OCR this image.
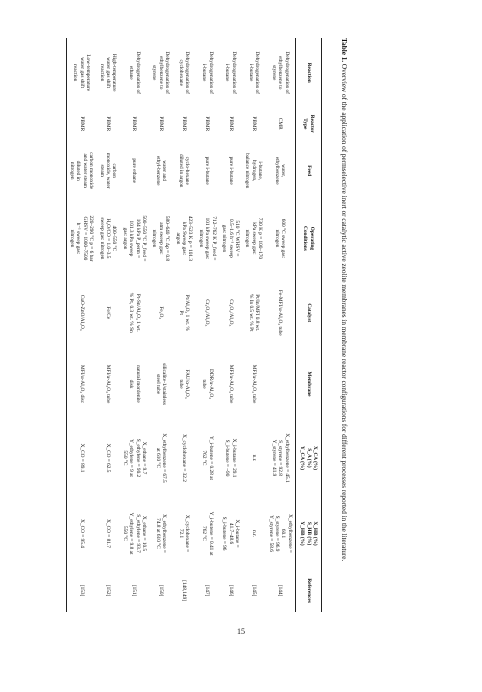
Table 1. Overview of the application of permselective inert or catalytic active zeolite membranes in membrane reactor configurations for different processes reported in the literature.
Reaction	Reactor
Type	Feed	Operating
Conditions	Catalyst	Membrane	X_CA (%)
S_A (%)
Y_CA (%)	X_HB (%)
S_HB (%)
Y_HB (%)	References
Dehydrogenation of
ethylbenzene to
styrene	CMR	water,
ethylbenzene	600 °C sweep gas:
nitrogen	Fe-MFI/α-Al₂O₃ tube		X_ethylbenzene = 45.1
S_styrene = 92.8
Y_styrene = 41.9	X_ethylbenzene =
60.1
S_styrene = 96.9
Y_styrene = 58.6	[144]
Dehydrogenation of
i-butane	PBMR	i-butane,
hydrogen,
balance nitrogen	730 K p = 100–170
kPa sweep gas:
nitrogen	Pt/In/MFI 0.8 wt.
% In 0.5 wt. % Pt	MFI/α-Al₂O₃ tube	n.r.	n.r.	[145]
Dehydrogenation of
i-butane	PBMR	pure i-butane	510 °C WHSV =
0.5–1.6 h⁻¹ sweep
gas: nitrogen	Cr₂O₃/Al₂O₃	MFI/α-Al₂O₃ tube	X_i-butane = 29.1
S_i-butene = ~90	X_i-butane =
41.7–48.6
S_i-butene = 96	[146]
Dehydrogenation of
i-butane	PBMR	pure i-butane	712–762 K P_feed =
101 kPa sweep gas:
nitrogen	Cr₂O₃/Al₂O₃	DDR/α-Al₂O₃
tube	Y_i-butene = 0.28 at
762 °C	Y_i-butene = 0.41 at
762 °C	[147]
Dehydrogenation of
cyclohexane	PBMR	cyclo-hexane
diluted in argon	423–523 K p = 101.3
kPa Sweep gas:
argon	Pt/Al₂O₃ 1 wt. %
Pt	FAU/α-Al₂O₃
tube	X_cyclohexane = 32.2	X_cyclohexane =
72.1	[148,149]
Dehydrogenation of
ethylbenzene to
styrene	PBMR	water and
ethyl-benzene	580–640 °C Δp = 0.8
atm sweep gas:
nitrogen	Fe₂O₃	silicalite-1/stainless
steel tube	X_ethylbenzene = 67.5
at 610 °C	X_ethylbenzene =
74.8 at 610 °C	[150]
Dehydrogenation of
ethane	PBMR	pure ethane	500–550 °C P_feed =
104 kPa P_perm =
101.3 kPa sweep
gas: argon	Pt-Sn/Al₂O₃ 1 wt.
% Pt, 0.3 wt. % Sn	natural mordenite
disk	X_ethane = 9.7
S_ethylene = 90.2
Y_ethylene = 9 at
550 °C	X_ethane = 10.5
S_ethylene = 93.7
Y_ethylene = 9.8 at
550 °C	[151]
High-temperature
water gas shift
reaction	PBMR	carbon
monoxide, water
steam	400–550 °C
H₂O/CO = 1.0–3.5
sweep gas: nitrogen	Fe/Ce	MFI/α-Al₂O₃ tube	X_CO = 62.5	X_CO = 81.7	[152]
Low-temperature
water gas shift
reaction	PBMR	carbon monoxide
and water steam
diluted in
nitrogen	220–290 °C p = 6 bar
GHSV = 1000–7500
h⁻¹ sweep gas:
nitrogen	CuO-ZnO/Al₂O₃	MFI/α-Al₂O₃ disc	X_CO = 89.1	X_CO = 95.4	[153]
15
